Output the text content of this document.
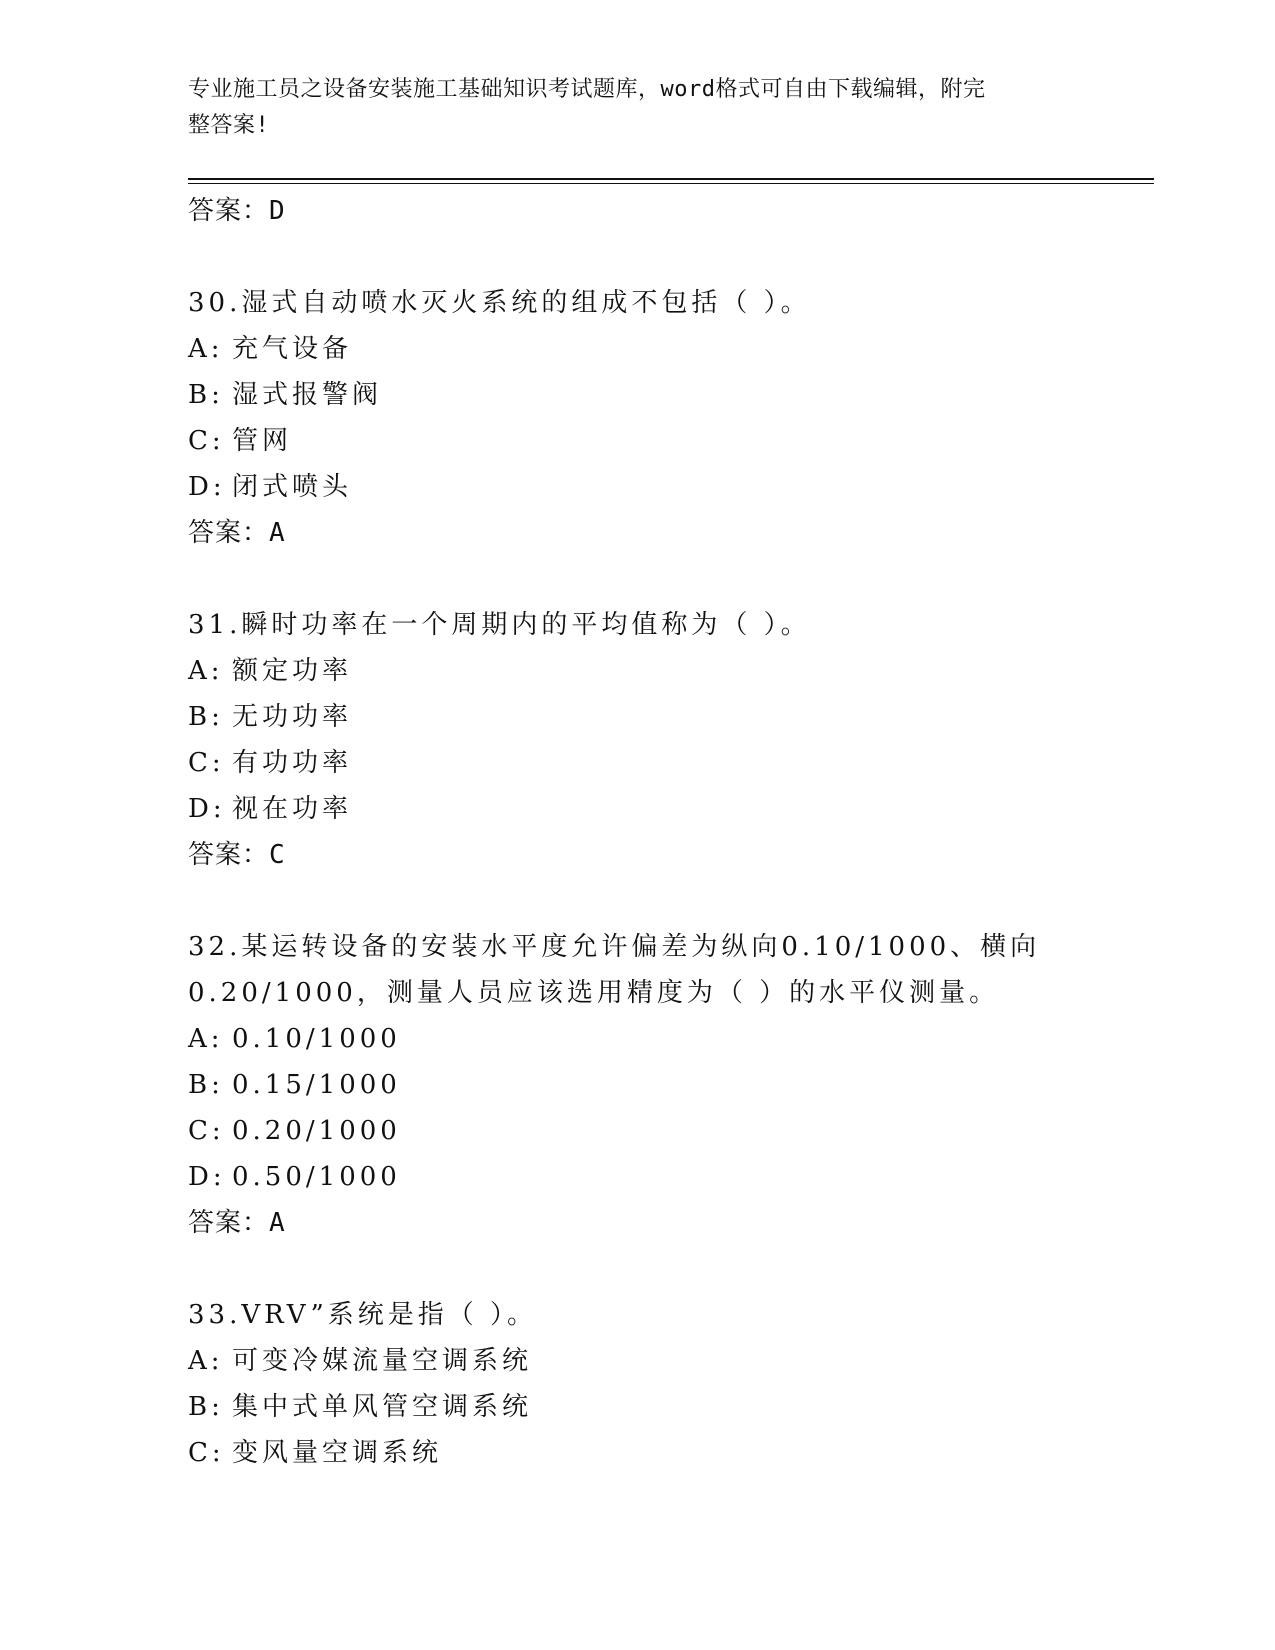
专业施工员之设备安装施工基础知识考试题库，word格式可自由下载编辑，附完
整答案!
答案：D
30.湿式自动喷水灭火系统的组成不包括（ ）。
A: 充气设备
B: 湿式报警阀
C: 管网
D: 闭式喷头
答案：A
31.瞬时功率在一个周期内的平均值称为（ ）。
A: 额定功率
B: 无功功率
C: 有功功率
D: 视在功率
答案：C
32.某运转设备的安装水平度允许偏差为纵向0.10/1000、横向
0.20/1000，测量人员应该选用精度为（ ）的水平仪测量。
A: 0.10/1000
B: 0.15/1000
C: 0.20/1000
D: 0.50/1000
答案：A
33.VRV”系统是指（ ）。
A: 可变冷媒流量空调系统
B: 集中式单风管空调系统
C: 变风量空调系统
